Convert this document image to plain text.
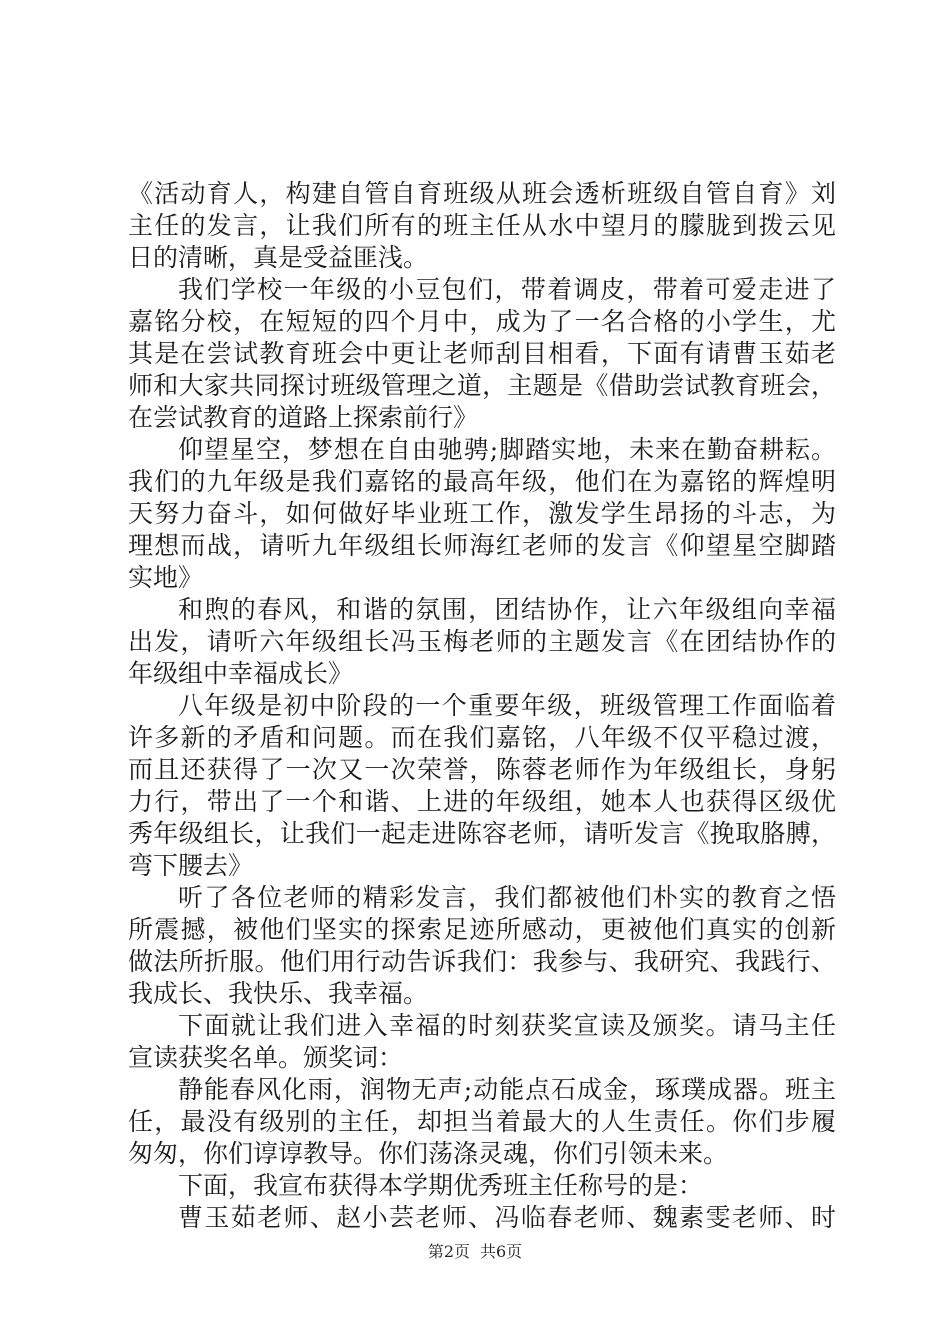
《活动育人，构建自管自育班级从班会透析班级自管自育》刘
主任的发言，让我们所有的班主任从水中望月的朦胧到拨云见
日的清晰，真是受益匪浅。
我们学校一年级的小豆包们，带着调皮，带着可爱走进了
嘉铭分校，在短短的四个月中，成为了一名合格的小学生，尤
其是在尝试教育班会中更让老师刮目相看，下面有请曹玉茹老
师和大家共同探讨班级管理之道，主题是《借助尝试教育班会，
在尝试教育的道路上探索前行》
仰望星空，梦想在自由驰骋;脚踏实地，未来在勤奋耕耘。
我们的九年级是我们嘉铭的最高年级，他们在为嘉铭的辉煌明
天努力奋斗，如何做好毕业班工作，激发学生昂扬的斗志，为
理想而战，请听九年级组长师海红老师的发言《仰望星空脚踏
实地》
和煦的春风，和谐的氛围，团结协作，让六年级组向幸福
出发，请听六年级组长冯玉梅老师的主题发言《在团结协作的
年级组中幸福成长》
八年级是初中阶段的一个重要年级，班级管理工作面临着
许多新的矛盾和问题。而在我们嘉铭，八年级不仅平稳过渡，
而且还获得了一次又一次荣誉，陈蓉老师作为年级组长，身躬
力行，带出了一个和谐、上进的年级组，她本人也获得区级优
秀年级组长，让我们一起走进陈容老师，请听发言《挽取胳膊，
弯下腰去》
听了各位老师的精彩发言，我们都被他们朴实的教育之悟
所震撼，被他们坚实的探索足迹所感动，更被他们真实的创新
做法所折服。他们用行动告诉我们：我参与、我研究、我践行、
我成长、我快乐、我幸福。
下面就让我们进入幸福的时刻获奖宣读及颁奖。请马主任
宣读获奖名单。颁奖词：
静能春风化雨，润物无声;动能点石成金，琢璞成器。班主
任，最没有级别的主任，却担当着最大的人生责任。你们步履
匆匆，你们谆谆教导。你们荡涤灵魂，你们引领未来。
下面，我宣布获得本学期优秀班主任称号的是：
曹玉茹老师、赵小芸老师、冯临春老师、魏素雯老师、时
第2页 共6页
